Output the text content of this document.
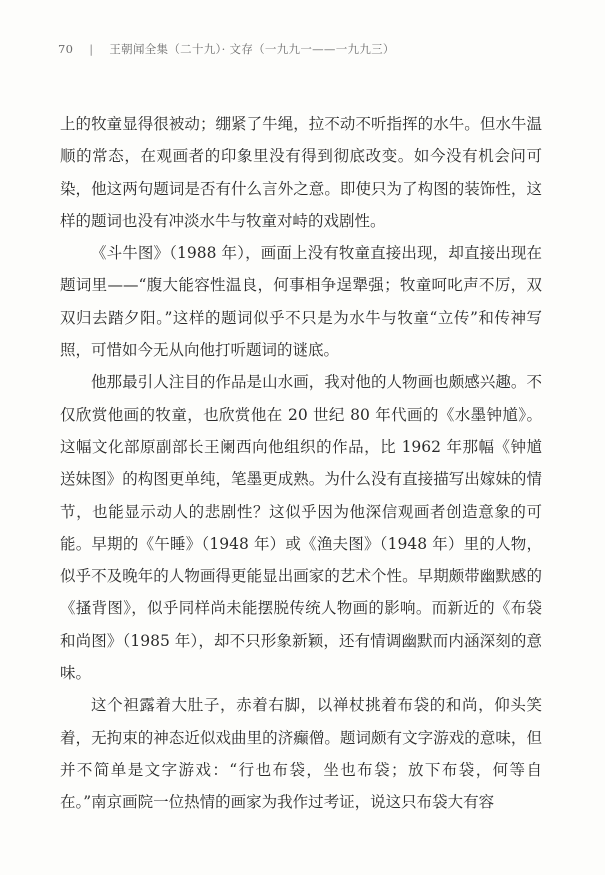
70 | 王朝闻全集（二十九）· 文存（一九九一——一九九三）

上的牧童显得很被动；绷紧了牛绳，拉不动不听指挥的水牛。但水牛温顺的常态，在观画者的印象里没有得到彻底改变。如今没有机会问可染，他这两句题词是否有什么言外之意。即使只为了构图的装饰性，这样的题词也没有冲淡水牛与牧童对峙的戏剧性。

《斗牛图》（1988 年），画面上没有牧童直接出现，却直接出现在题词里——“腹大能容性温良，何事相争逞犟强；牧童呵叱声不厉，双双归去踏夕阳。”这样的题词似乎不只是为水牛与牧童“立传”和传神写照，可惜如今无从向他打听题词的谜底。

他那最引人注目的作品是山水画，我对他的人物画也颇感兴趣。不仅欣赏他画的牧童，也欣赏他在 20 世纪 80 年代画的《水墨钟馗》。这幅文化部原副部长王阑西向他组织的作品，比 1962 年那幅《钟馗送妹图》的构图更单纯，笔墨更成熟。为什么没有直接描写出嫁妹的情节，也能显示动人的悲剧性？这似乎因为他深信观画者创造意象的可能。早期的《午睡》（1948 年）或《渔夫图》（1948 年）里的人物，似乎不及晚年的人物画得更能显出画家的艺术个性。早期颇带幽默感的《搔背图》，似乎同样尚未能摆脱传统人物画的影响。而新近的《布袋和尚图》（1985 年），却不只形象新颖，还有情调幽默而内涵深刻的意味。

这个袒露着大肚子，赤着右脚，以禅杖挑着布袋的和尚，仰头笑着，无拘束的神态近似戏曲里的济癫僧。题词颇有文字游戏的意味，但并不简单是文字游戏：“行也布袋，坐也布袋；放下布袋，何等自在。”南京画院一位热情的画家为我作过考证，说这只布袋大有容
